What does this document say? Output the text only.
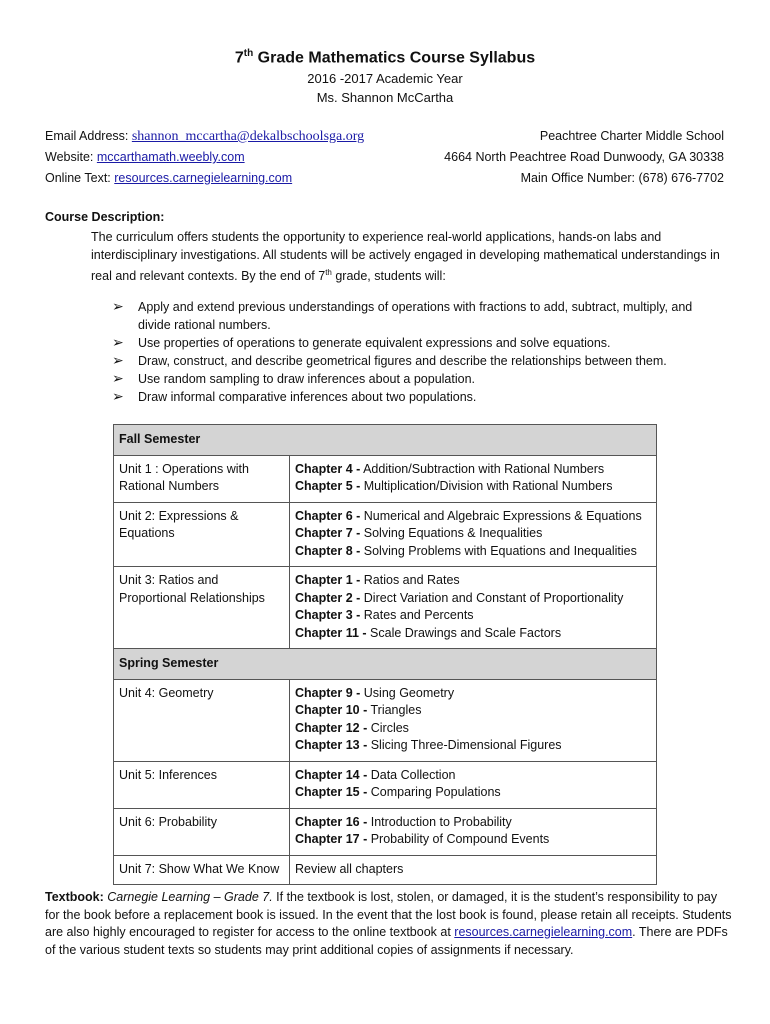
7th Grade Mathematics Course Syllabus
2016 -2017 Academic Year
Ms. Shannon McCartha
Email Address: shannon_mccartha@dekalbschoolsga.org
Website: mccarthamath.weebly.com
Online Text: resources.carnegielearning.com
Peachtree Charter Middle School
4664 North Peachtree Road Dunwoody, GA 30338
Main Office Number: (678) 676-7702
Course Description:
The curriculum offers students the opportunity to experience real-world applications, hands-on labs and interdisciplinary investigations. All students will be actively engaged in developing mathematical understandings in real and relevant contexts. By the end of 7th grade, students will:
➢ Apply and extend previous understandings of operations with fractions to add, subtract, multiply, and divide rational numbers.
➢ Use properties of operations to generate equivalent expressions and solve equations.
➢ Draw, construct, and describe geometrical figures and describe the relationships between them.
➢ Use random sampling to draw inferences about a population.
➢ Draw informal comparative inferences about two populations.
Fall Semester	
Unit 1 : Operations with Rational Numbers	Chapter 4 - Addition/Subtraction with Rational Numbers
Chapter 5 - Multiplication/Division with Rational Numbers

Unit 2: Expressions & Equations	Chapter 6 - Numerical and Algebraic Expressions & Equations
Chapter 7 - Solving Equations & Inequalities
Chapter 8 - Solving Problems with Equations and Inequalities

Unit 3: Ratios and Proportional Relationships	Chapter 1 - Ratios and Rates
Chapter 2 - Direct Variation and Constant of Proportionality
Chapter 3 - Rates and Percents
Chapter 11 - Scale Drawings and Scale Factors

Spring Semester	
Unit 4: Geometry	Chapter 9 - Using Geometry
Chapter 10 - Triangles
Chapter 12 - Circles
Chapter 13 - Slicing Three-Dimensional Figures

Unit 5: Inferences	Chapter 14 - Data Collection
Chapter 15 - Comparing Populations

Unit 6: Probability	Chapter 16 - Introduction to Probability
Chapter 17 - Probability of Compound Events

Unit 7: Show What We Know	Review all chapters
Textbook: Carnegie Learning – Grade 7. If the textbook is lost, stolen, or damaged, it is the student’s responsibility to pay for the book before a replacement book is issued. In the event that the lost book is found, please retain all receipts. Students are also highly encouraged to register for access to the online textbook at resources.carnegielearning.com. There are PDFs of the various student texts so students may print additional copies of assignments if necessary.
